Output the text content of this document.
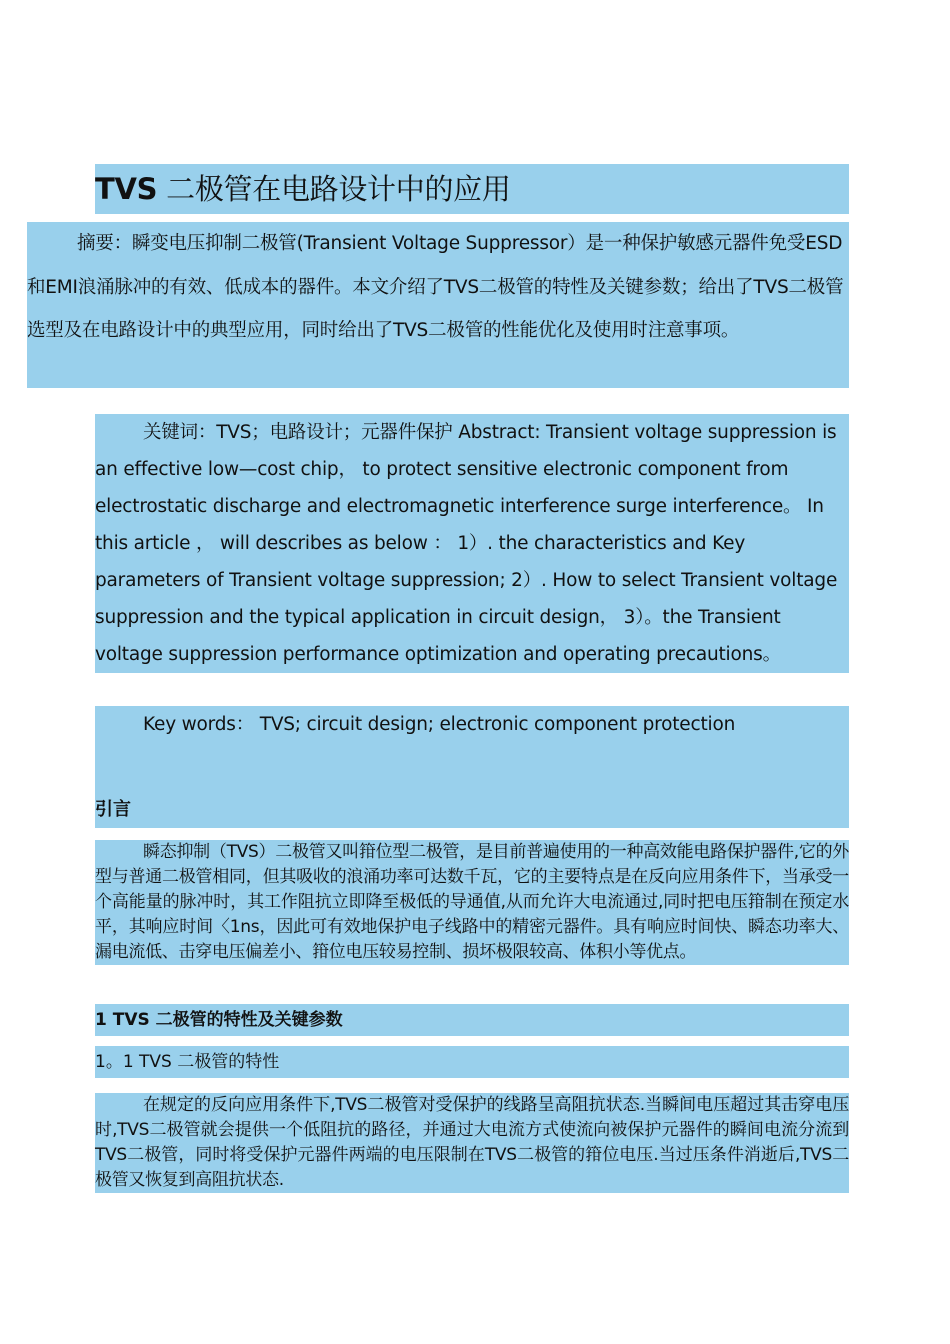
TVS 二极管在电路设计中的应用
摘要：瞬变电压抑制二极管(Transient Voltage Suppressor）是一种保护敏感元器件免受ESD和EMI浪涌脉冲的有效、低成本的器件。本文介绍了TVS二极管的特性及关键参数；给出了TVS二极管选型及在电路设计中的典型应用，同时给出了TVS二极管的性能优化及使用时注意事项。
关键词：TVS；电路设计；元器件保护 Abstract: Transient voltage suppression is an effective low—cost chip， to protect sensitive electronic component from electrostatic discharge and electromagnetic interference surge interference。 In this article ， will describes as below ： 1）. the characteristics and Key parameters of Transient voltage suppression; 2）. How to select Transient voltage suppression and the typical application in circuit design， 3）。the Transient voltage suppression performance optimization and operating precautions。
Key words： TVS; circuit design; electronic component protection
引言
瞬态抑制（TVS）二极管又叫箝位型二极管，是目前普遍使用的一种高效能电路保护器件,它的外型与普通二极管相同，但其吸收的浪涌功率可达数千瓦，它的主要特点是在反向应用条件下，当承受一个高能量的脉冲时，其工作阻抗立即降至极低的导通值,从而允许大电流通过,同时把电压箝制在预定水平，其响应时间〈1ns，因此可有效地保护电子线路中的精密元器件。具有响应时间快、瞬态功率大、漏电流低、击穿电压偏差小、箝位电压较易控制、损坏极限较高、体积小等优点。
1 TVS 二极管的特性及关键参数
1。1 TVS 二极管的特性
在规定的反向应用条件下,TVS二极管对受保护的线路呈高阻抗状态.当瞬间电压超过其击穿电压时,TVS二极管就会提供一个低阻抗的路径，并通过大电流方式使流向被保护元器件的瞬间电流分流到TVS二极管，同时将受保护元器件两端的电压限制在TVS二极管的箝位电压.当过压条件消逝后,TVS二极管又恢复到高阻抗状态.
